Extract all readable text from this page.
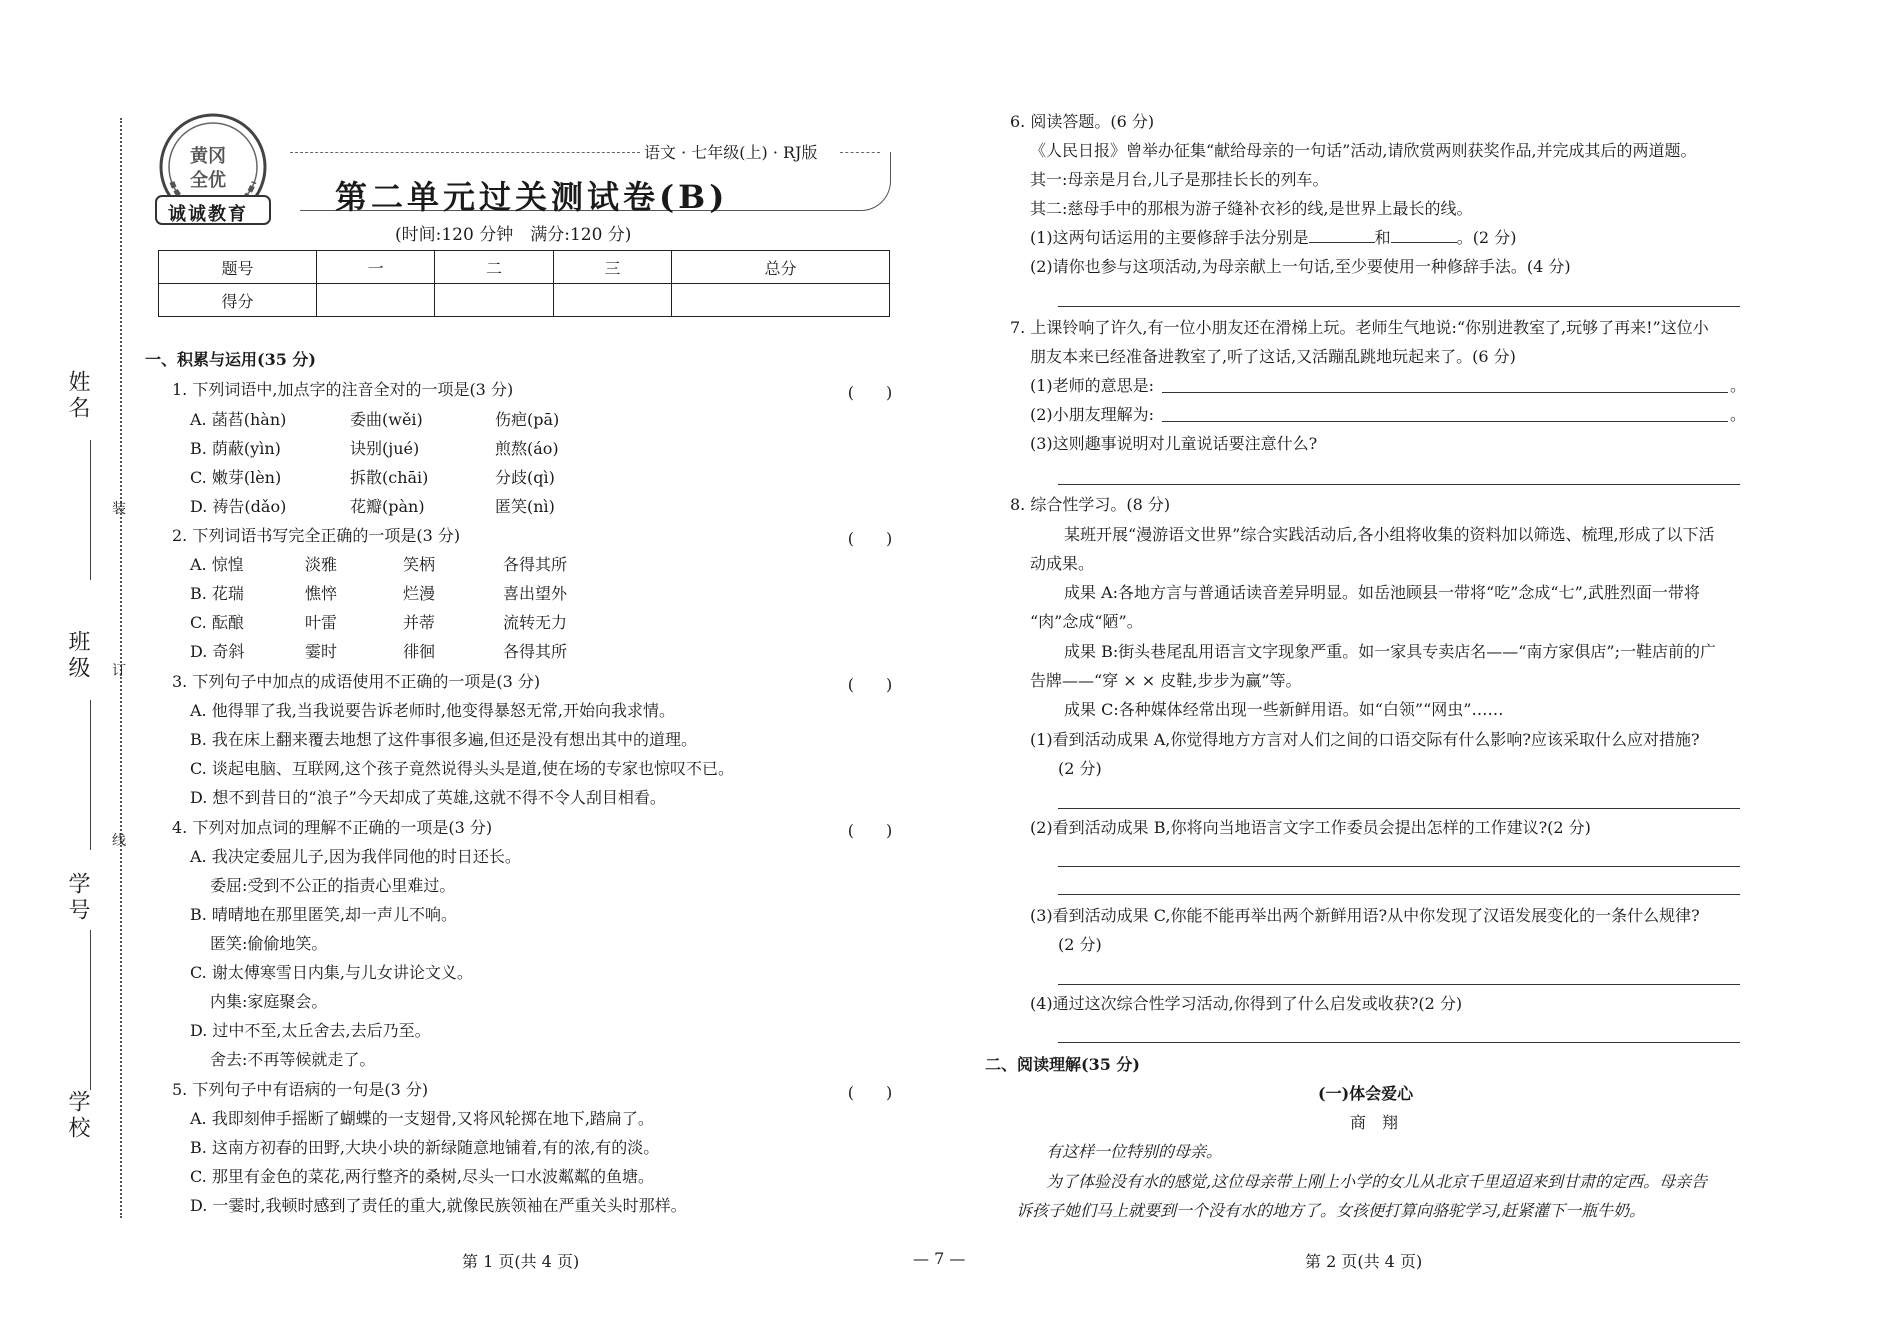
姓名
班级
学号
学校
装
订
线
黄冈
全优
诚诚教育
语文 · 七年级(上) · RJ版
第二单元过关测试卷(B)
(时间:120 分钟　满分:120 分)
题号	一	二	三	总分
得分				
一、积累与运用(35 分)
1. 下列词语中,加点字的注音全对的一项是(3 分)	(　　)
A. 菡萏(hàn)	委曲(wěi)	伤疤(pā)
B. 荫蔽(yìn)	诀别(jué)	煎熬(áo)
C. 嫩芽(lèn)	拆散(chāi)	分歧(qì)
D. 祷告(dǎo)	花瓣(pàn)	匿笑(nì)
2. 下列词语书写完全正确的一项是(3 分)	(　　)
A. 惊惶	淡雅	笑柄	各得其所
B. 花瑞	憔悴	烂漫	喜出望外
C. 酝酿	叶雷	并蒂	流转无力
D. 奇斜	霎时	徘徊	各得其所
3. 下列句子中加点的成语使用不正确的一项是(3 分)	(　　)
A. 他得罪了我,当我说要告诉老师时,他变得暴怒无常,开始向我求情。
B. 我在床上翻来覆去地想了这件事很多遍,但还是没有想出其中的道理。
C. 谈起电脑、互联网,这个孩子竟然说得头头是道,使在场的专家也惊叹不已。
D. 想不到昔日的“浪子”今天却成了英雄,这就不得不令人刮目相看。
4. 下列对加点词的理解不正确的一项是(3 分)	(　　)
A. 我决定委屈儿子,因为我伴同他的时日还长。
委屈:受到不公正的指责心里难过。
B. 晴晴地在那里匿笑,却一声儿不响。
匿笑:偷偷地笑。
C. 谢太傅寒雪日内集,与儿女讲论文义。
内集:家庭聚会。
D. 过中不至,太丘舍去,去后乃至。
舍去:不再等候就走了。
5. 下列句子中有语病的一句是(3 分)	(　　)
A. 我即刻伸手摇断了蝴蝶的一支翅骨,又将风轮掷在地下,踏扁了。
B. 这南方初春的田野,大块小块的新绿随意地铺着,有的浓,有的淡。
C. 那里有金色的菜花,两行整齐的桑树,尽头一口水波粼粼的鱼塘。
D. 一霎时,我顿时感到了责任的重大,就像民族领袖在严重关头时那样。
第 1 页(共 4 页)	— 7 —
6. 阅读答题。(6 分)
《人民日报》曾举办征集“献给母亲的一句话”活动,请欣赏两则获奖作品,并完成其后的两道题。
其一:母亲是月台,儿子是那挂长长的列车。
其二:慈母手中的那根为游子缝补衣衫的线,是世界上最长的线。
(1)这两句话运用的主要修辞手法分别是	和	。(2 分)
(2)请你也参与这项活动,为母亲献上一句话,至少要使用一种修辞手法。(4 分)
7. 上课铃响了许久,有一位小朋友还在滑梯上玩。老师生气地说:“你别进教室了,玩够了再来!”这位小
朋友本来已经准备进教室了,听了这话,又活蹦乱跳地玩起来了。(6 分)
(1)老师的意思是:	。
(2)小朋友理解为:	。
(3)这则趣事说明对儿童说话要注意什么?
8. 综合性学习。(8 分)
某班开展“漫游语文世界”综合实践活动后,各小组将收集的资料加以筛选、梳理,形成了以下活
动成果。
成果 A:各地方言与普通话读音差异明显。如岳池顾县一带将“吃”念成“七”,武胜烈面一带将
“肉”念成“陋”。
成果 B:街头巷尾乱用语言文字现象严重。如一家具专卖店名——“南方家俱店”;一鞋店前的广
告牌——“穿 × × 皮鞋,步步为赢”等。
成果 C:各种媒体经常出现一些新鲜用语。如“白领”“网虫”……
(1)看到活动成果 A,你觉得地方方言对人们之间的口语交际有什么影响?应该采取什么应对措施?
(2 分)
(2)看到活动成果 B,你将向当地语言文字工作委员会提出怎样的工作建议?(2 分)
(3)看到活动成果 C,你能不能再举出两个新鲜用语?从中你发现了汉语发展变化的一条什么规律?
(2 分)
(4)通过这次综合性学习活动,你得到了什么启发或收获?(2 分)
二、阅读理解(35 分)
(一)体会爱心
商　翔
有这样一位特别的母亲。
为了体验没有水的感觉,这位母亲带上刚上小学的女儿从北京千里迢迢来到甘肃的定西。母亲告
诉孩子她们马上就要到一个没有水的地方了。女孩便打算向骆驼学习,赶紧灌下一瓶牛奶。
第 2 页(共 4 页)
